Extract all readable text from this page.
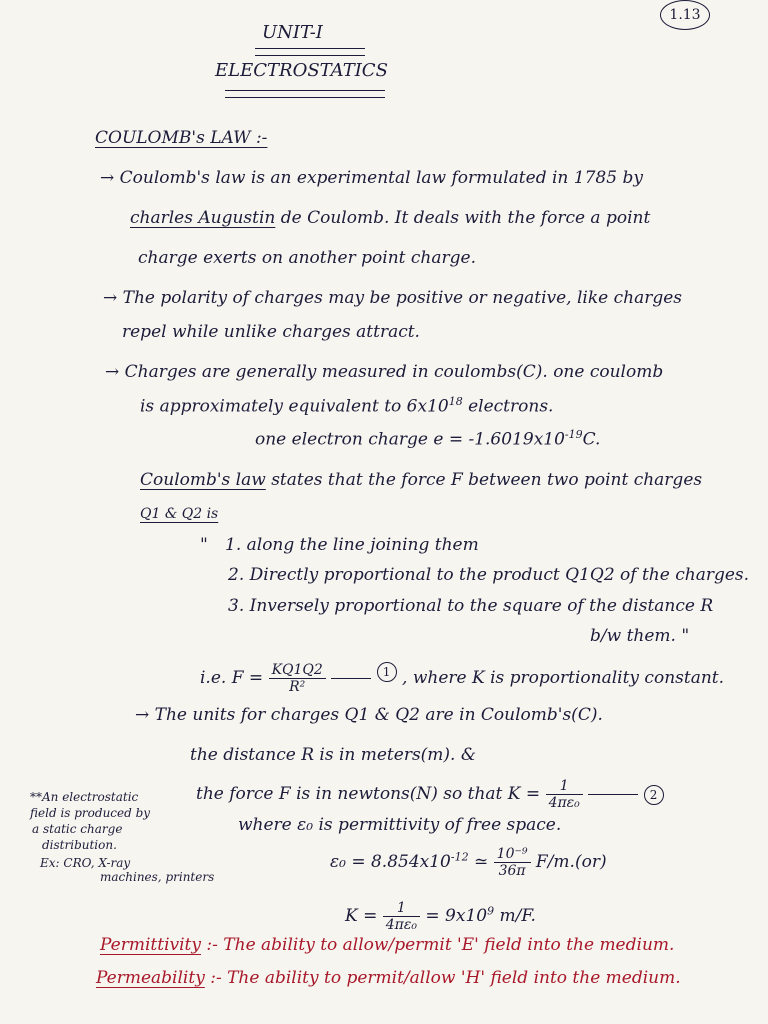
1.13
UNIT-I
ELECTROSTATICS
COULOMB's LAW :-
→ Coulomb's law is an experimental law formulated in 1785 by
charles Augustin de Coulomb. It deals with the force a point
charge exerts on another point charge.
→ The polarity of charges may be positive or negative, like charges
repel while unlike charges attract.
→ Charges are generally measured in coulombs(C). one coulomb
is approximately equivalent to $6x10^{18}$ electrons.
one electron charge $e = -1.6019x10^{-19}C$.
Coulomb's law states that the force F between two point charges
Q1 & Q2 is
" 1. along the line joining them
2. Directly proportional to the product Q1Q2 of the charges.
3. Inversely proportional to the square of the distance R
b/w them. "
i.e. $F = \frac{KQ1Q2}{\text{R²}}$	1 , where K is proportionality constant.
→ The units for charges Q1 & Q2 are in Coulomb's(C).
the distance R is in meters(m). &
the force F is in newtons(N) so that $K = \frac{1}{\text{4πε₀}}$	2
where ε₀ is permittivity of free space.
$\varepsilon_0 = 8.854x10^{-12}$ ≃ $\frac{\text{10⁻⁹}}{36\pi} F/m.(or)$
$K = \frac{1}{\text{4πε₀}} = 9x10^9$ m/F.
**An electrostatic
field is produced by
a static charge
distribution.
Ex: CRO, X-ray
machines, printers
Permittivity :- The ability to allow/permit 'E' field into the medium.
Permeability :- The ability to permit/allow 'H' field into the medium.
